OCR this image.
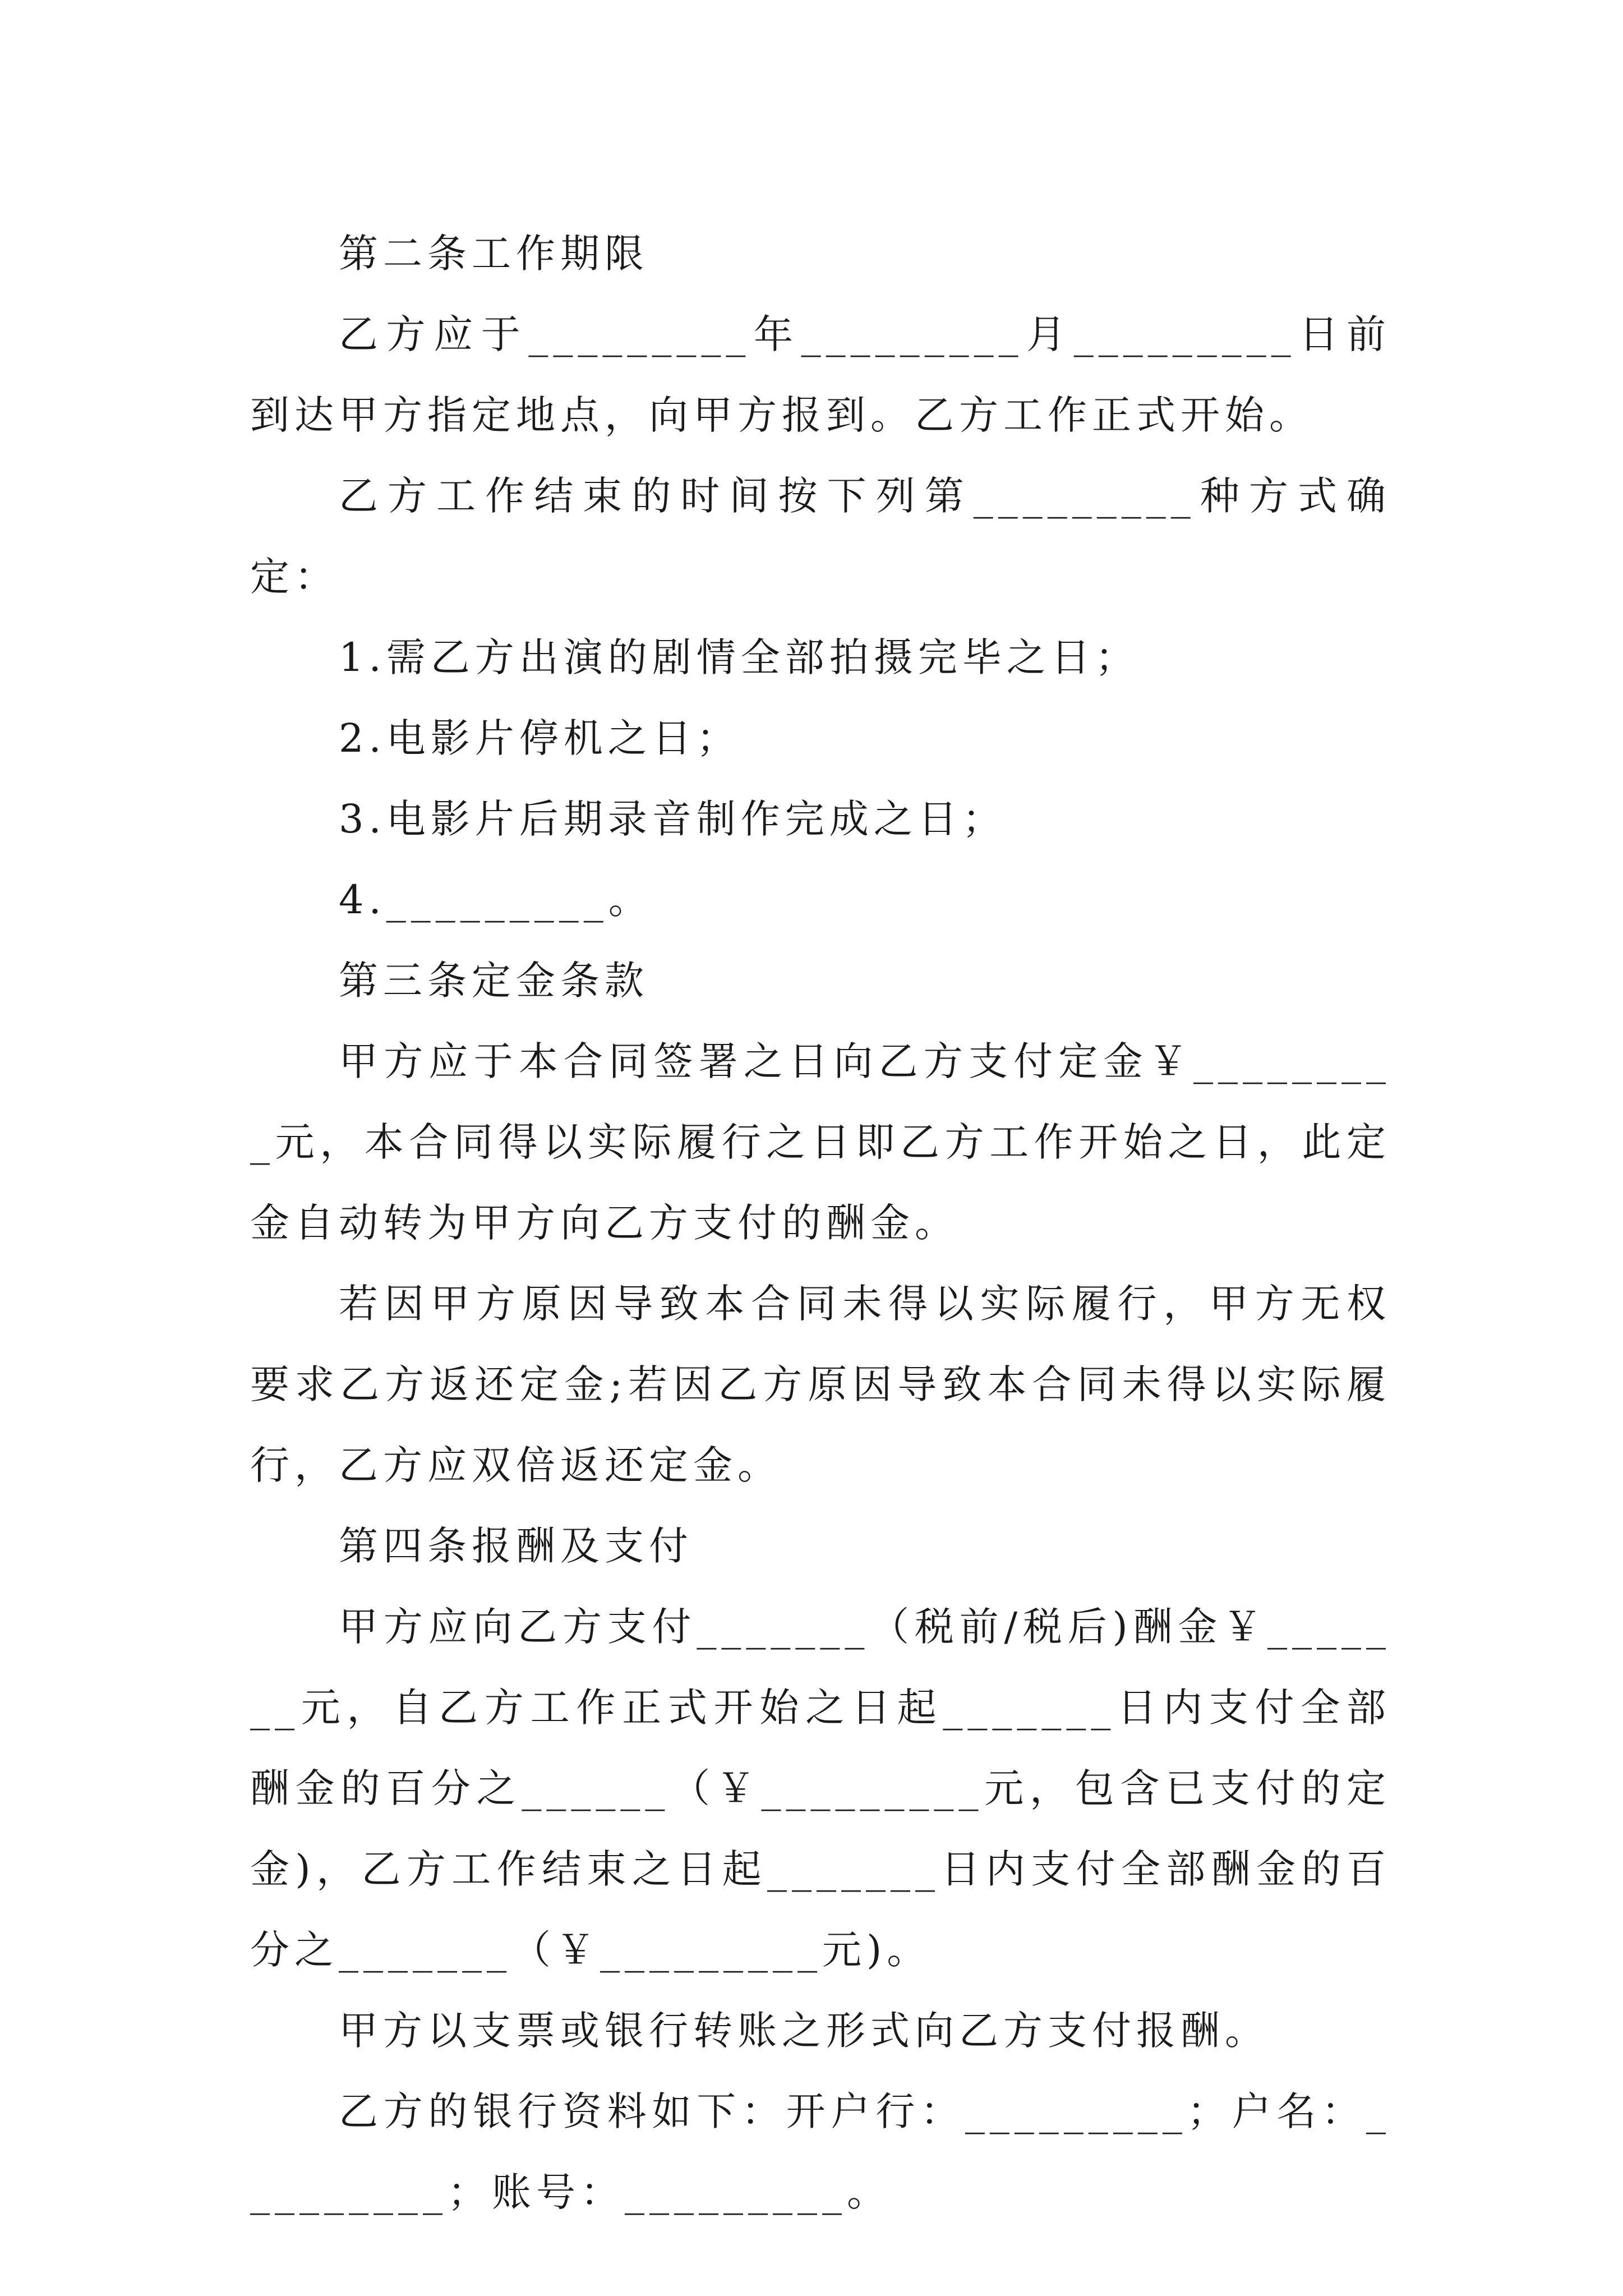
第二条工作期限

乙方应于_________年_________月_________日前到达甲方指定地点，向甲方报到。乙方工作正式开始。

乙方工作结束的时间按下列第_________种方式确定：

1.需乙方出演的剧情全部拍摄完毕之日；

2.电影片停机之日；

3.电影片后期录音制作完成之日；

4._________。

第三条定金条款

甲方应于本合同签署之日向乙方支付定金￥_________元，本合同得以实际履行之日即乙方工作开始之日，此定金自动转为甲方向乙方支付的酬金。

若因甲方原因导致本合同未得以实际履行，甲方无权要求乙方返还定金;若因乙方原因导致本合同未得以实际履行，乙方应双倍返还定金。

第四条报酬及支付

甲方应向乙方支付_______（税前/税后)酬金￥_______元，自乙方工作正式开始之日起_______日内支付全部酬金的百分之______（￥_________元，包含已支付的定金)，乙方工作结束之日起_______日内支付全部酬金的百分之_______（￥_________元)。

甲方以支票或银行转账之形式向乙方支付报酬。

乙方的银行资料如下：开户行：_________；户名：_________；账号：_________。
